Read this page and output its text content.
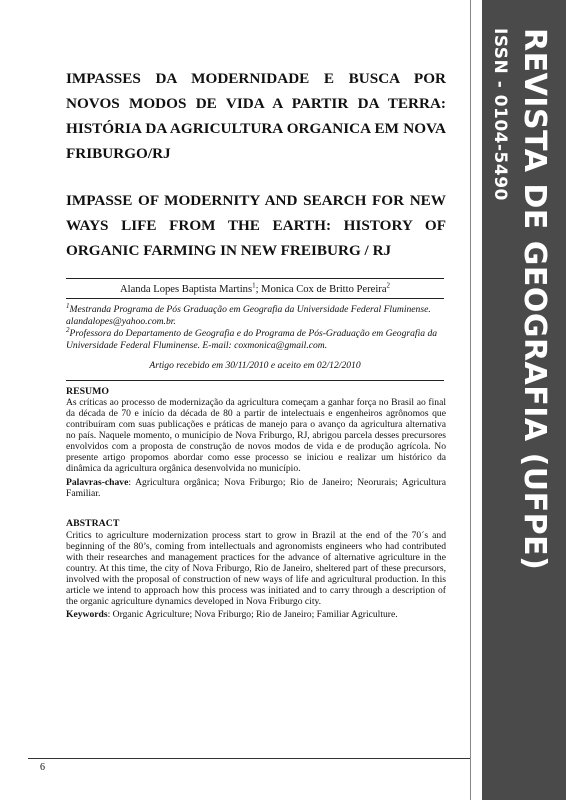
REVISTA DE GEOGRAFIA (UFPE)
ISSN - 0104-5490
IMPASSES DA MODERNIDADE E BUSCA POR NOVOS MODOS DE VIDA A PARTIR DA TERRA: HISTÓRIA DA AGRICULTURA ORGANICA EM NOVA FRIBURGO/RJ
IMPASSE OF MODERNITY AND SEARCH FOR NEW WAYS LIFE FROM THE EARTH: HISTORY OF ORGANIC FARMING IN NEW FREIBURG / RJ
Alanda Lopes Baptista Martins$^1$; Monica Cox de Britto Pereira$^2$
$^1$Mestranda Programa de Pós Graduação em Geografia da Universidade Federal Fluminense. alandalopes@yahoo.com.br.
$^2$Professora do Departamento de Geografia e do Programa de Pós-Graduação em Geografia da Universidade Federal Fluminense. E-mail: coxmonica@gmail.com.
Artigo recebido em 30/11/2010 e aceito em 02/12/2010
RESUMO
As críticas ao processo de modernização da agricultura começam a ganhar força no Brasil ao final da década de 70 e início da década de 80 a partir de intelectuais e engenheiros agrônomos que contribuíram com suas publicações e práticas de manejo para o avanço da agricultura alternativa no país. Naquele momento, o município de Nova Friburgo, RJ, abrigou parcela desses precursores envolvidos com a proposta de construção de novos modos de vida e de produção agrícola. No presente artigo propomos abordar como esse processo se iniciou e realizar um histórico da dinâmica da agricultura orgânica desenvolvida no município.
Palavras-chave: Agricultura orgânica; Nova Friburgo; Rio de Janeiro; Neorurais; Agricultura Familiar.
ABSTRACT
Critics to agriculture modernization process start to grow in Brazil at the end of the 70´s and beginning of the 80’s, coming from intellectuals and agronomists engineers who had contributed with their researches and management practices for the advance of alternative agriculture in the country. At this time, the city of Nova Friburgo, Rio de Janeiro, sheltered part of these precursors, involved with the proposal of construction of new ways of life and agricultural production. In this article we intend to approach how this process was initiated and to carry through a description of the organic agriculture dynamics developed in Nova Friburgo city.
Keywords: Organic Agriculture; Nova Friburgo; Rio de Janeiro; Familiar Agriculture.
6
